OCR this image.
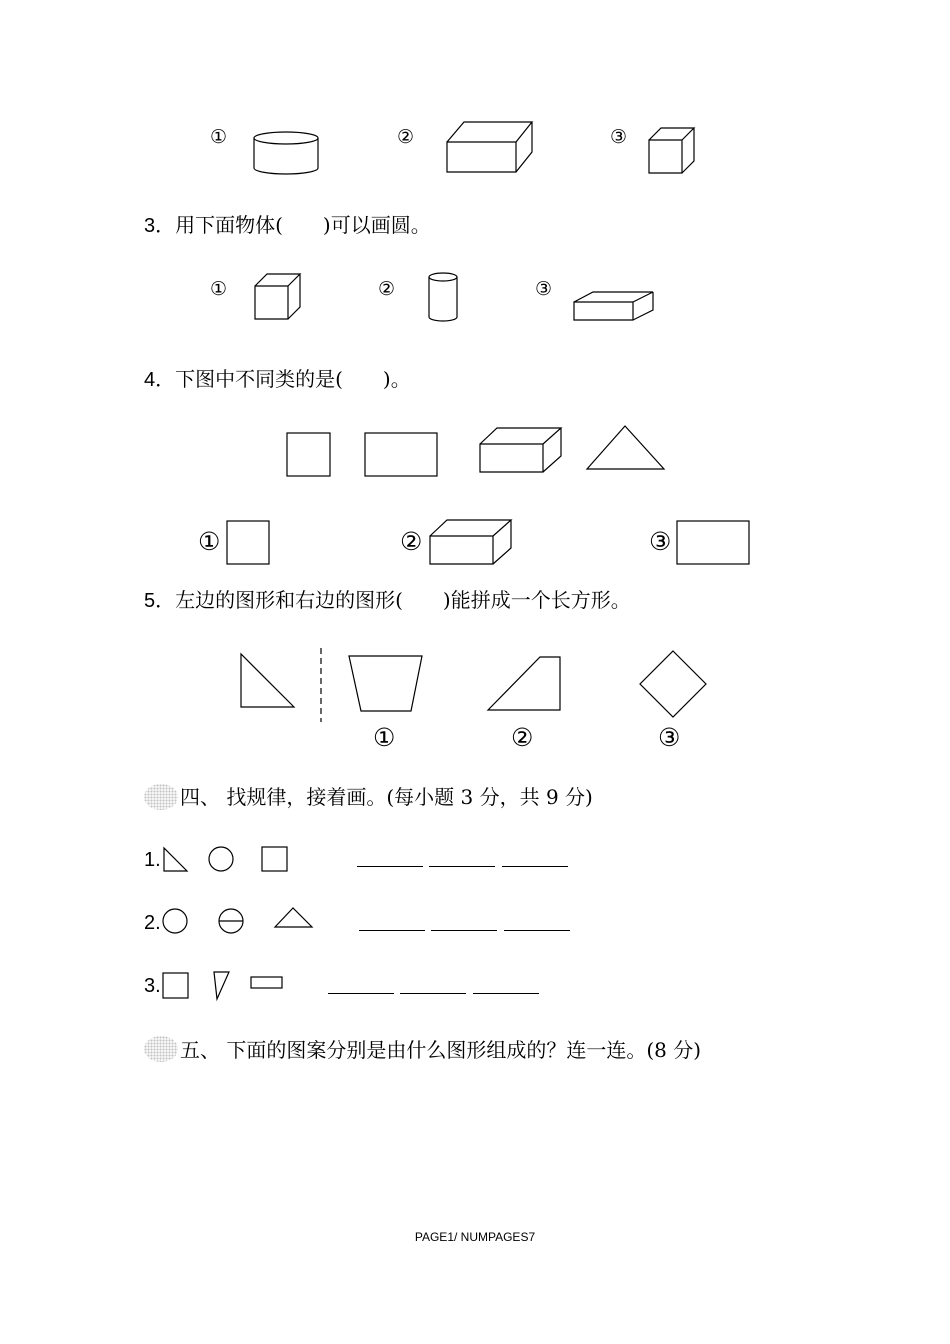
①	②	③
3．用下面物体(　　)可以画圆。
①	②	③
4．下图中不同类的是(　　)。
①	②	③
5．左边的图形和右边的图形(　　)能拼成一个长方形。
①	②	③
四、 找规律，接着画。(每小题 3 分，共 9 分)
1.
2.
3.
五、 下面的图案分别是由什么图形组成的？连一连。(8 分)
PAGE1/ NUMPAGES7
